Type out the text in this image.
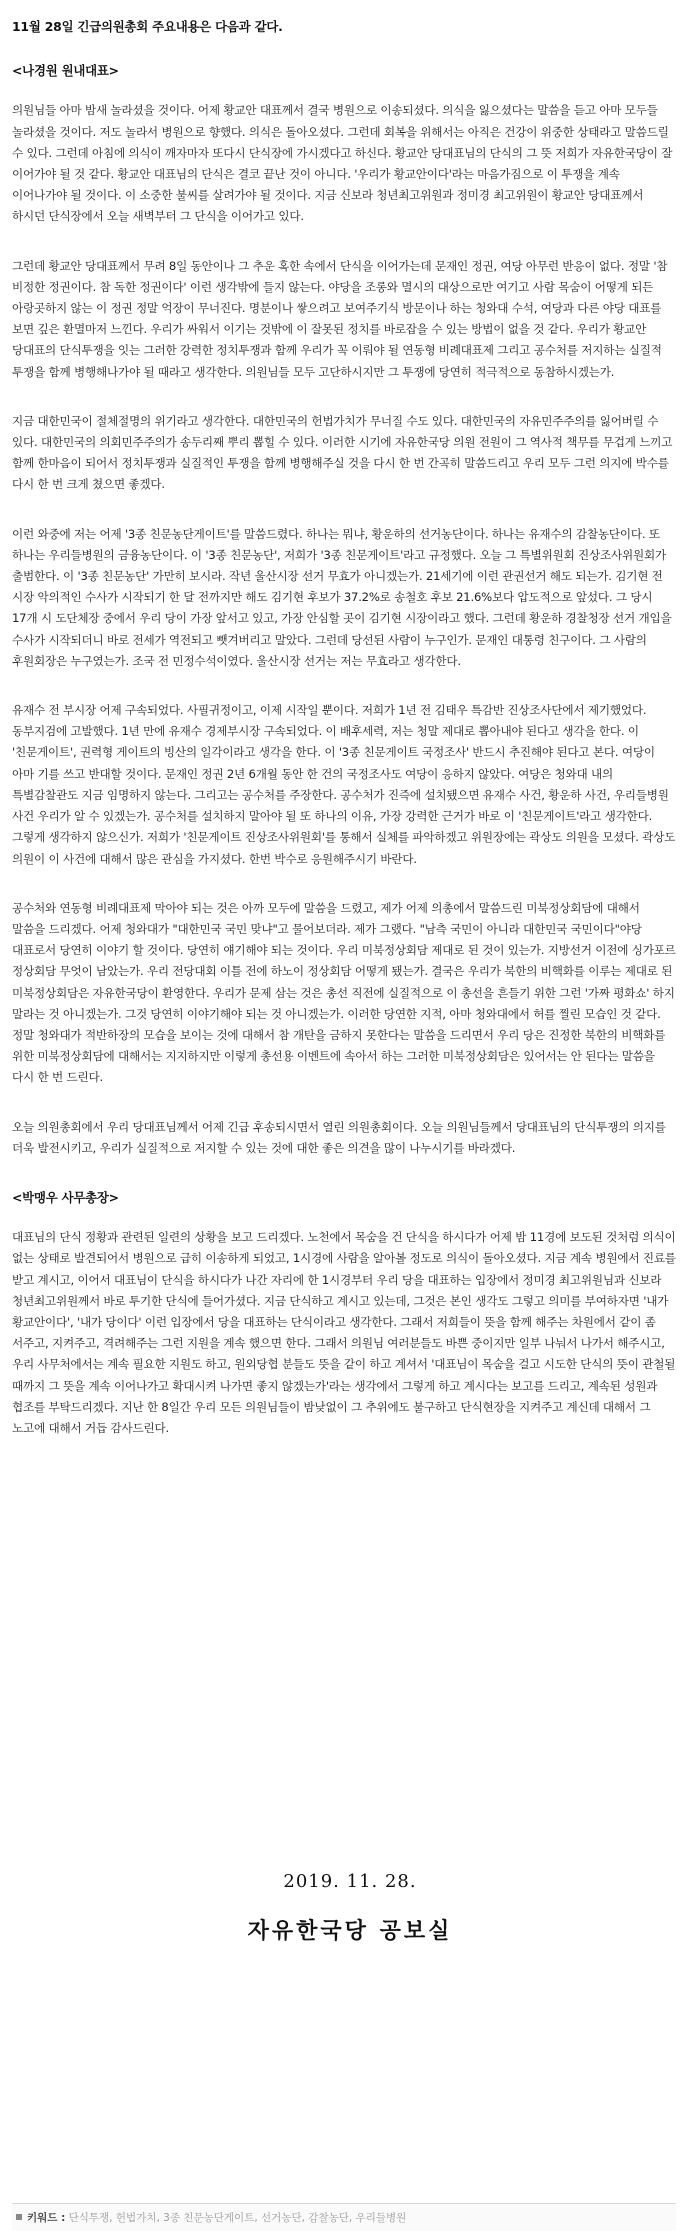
11월 28일 긴급의원총회 주요내용은 다음과 같다.

<나경원 원내대표>

의원님들 아마 밤새 놀라셨을 것이다. 어제 황교안 대표께서 결국 병원으로 이송되셨다. 의식을 잃으셨다는 말씀을 듣고 아마 모두들 놀라셨을 것이다. 저도 놀라서 병원으로 향했다. 의식은 돌아오셨다. 그런데 회복을 위해서는 아직은 건강이 위중한 상태라고 말씀드릴 수 있다. 그런데 아침에 의식이 깨자마자 또다시 단식장에 가시겠다고 하신다. 황교안 당대표님의 단식의 그 뜻 저희가 자유한국당이 잘 이어가야 될 것 같다. 황교안 대표님의 단식은 결코 끝난 것이 아니다. '우리가 황교안이다'라는 마음가짐으로 이 투쟁을 계속 이어나가야 될 것이다. 이 소중한 불씨를 살려가야 될 것이다. 지금 신보라 청년최고위원과 정미경 최고위원이 황교안 당대표께서 하시던 단식장에서 오늘 새벽부터 그 단식을 이어가고 있다.

그런데 황교안 당대표께서 무려 8일 동안이나 그 추운 혹한 속에서 단식을 이어가는데 문재인 정권, 여당 아무런 반응이 없다. 정말 '참 비정한 정권이다. 참 독한 정권이다' 이런 생각밖에 들지 않는다. 야당을 조롱와 멸시의 대상으로만 여기고 사람 목숨이 어떻게 되든 아랑곳하지 않는 이 정권 정말 억장이 무너진다. 명분이나 쌓으려고 보여주기식 방문이나 하는 청와대 수석, 여당과 다른 야당 대표를 보면 깊은 환멸마저 느낀다. 우리가 싸워서 이기는 것밖에 이 잘못된 정치를 바로잡을 수 있는 방법이 없을 것 같다. 우리가 황교안 당대표의 단식투쟁을 잇는 그러한 강력한 정치투쟁과 함께 우리가 꼭 이뤄야 될 연동형 비례대표제 그리고 공수처를 저지하는 실질적 투쟁을 함께 병행해나가야 될 때라고 생각한다. 의원님들 모두 고단하시지만 그 투쟁에 당연히 적극적으로 동참하시겠는가.

지금 대한민국이 절체절명의 위기라고 생각한다. 대한민국의 헌법가치가 무너질 수도 있다. 대한민국의 자유민주주의를 잃어버릴 수 있다. 대한민국의 의회민주주의가 송두리째 뿌리 뽑힐 수 있다. 이러한 시기에 자유한국당 의원 전원이 그 역사적 책무를 무겁게 느끼고 함께 한마음이 되어서 정치투쟁과 실질적인 투쟁을 함께 병행해주실 것을 다시 한 번 간곡히 말씀드리고 우리 모두 그런 의지에 박수를 다시 한 번 크게 쳤으면 좋겠다.

이런 와중에 저는 어제 '3종 친문농단게이트'를 말씀드렸다. 하나는 뭐냐, 황운하의 선거농단이다. 하나는 유재수의 감찰농단이다. 또 하나는 우리들병원의 금융농단이다. 이 '3종 친문농단', 저희가 '3종 친문게이트'라고 규정했다. 오늘 그 특별위원회 진상조사위원회가 출범한다. 이 '3종 친문농단' 가만히 보시라. 작년 울산시장 선거 무효가 아니겠는가. 21세기에 이런 관권선거 해도 되는가. 김기현 전 시장 악의적인 수사가 시작되기 한 달 전까지만 해도 김기현 후보가 37.2%로 송철호 후보 21.6%보다 압도적으로 앞섰다. 그 당시 17개 시 도단체장 중에서 우리 당이 가장 앞서고 있고, 가장 안심할 곳이 김기현 시장이라고 했다. 그런데 황운하 경찰청장 선거 개입을 수사가 시작되더니 바로 전세가 역전되고 뺏겨버리고 말았다. 그런데 당선된 사람이 누구인가. 문재인 대통령 친구이다. 그 사람의 후원회장은 누구였는가. 조국 전 민정수석이였다. 울산시장 선거는 저는 무효라고 생각한다.

유재수 전 부시장 어제 구속되었다. 사필귀정이고, 이제 시작일 뿐이다. 저희가 1년 전 김태우 특감반 진상조사단에서 제기했었다. 동부지검에 고발했다. 1년 만에 유재수 경제부시장 구속되었다. 이 배후세력, 저는 청말 제대로 뽑아내야 된다고 생각을 한다. 이 '친문게이트', 권력형 게이트의 빙산의 일각이라고 생각을 한다. 이 '3종 친문게이트 국정조사' 반드시 추진해야 된다고 본다. 여당이 아마 기를 쓰고 반대할 것이다. 문재인 정권 2년 6개월 동안 한 건의 국정조사도 여당이 응하지 않았다. 여당은 청와대 내의 특별감찰관도 지금 임명하지 않는다. 그리고는 공수처를 주장한다. 공수처가 진즉에 설치됐으면 유재수 사건, 황운하 사건, 우리들병원 사건 우리가 알 수 있겠는가. 공수처를 설치하지 말아야 될 또 하나의 이유, 가장 강력한 근거가 바로 이 '친문게이트'라고 생각한다. 그렇게 생각하지 않으신가. 저희가 '친문게이트 진상조사위원회'를 통해서 실체를 파악하겠고 위원장에는 곽상도 의원을 모셨다. 곽상도 의원이 이 사건에 대해서 많은 관심을 가지셨다. 한번 박수로 응원해주시기 바란다.

공수처와 연동형 비례대표제 막아야 되는 것은 아까 모두에 말씀을 드렸고, 제가 어제 의총에서 말씀드린 미북정상회담에 대해서 말씀을 드리겠다. 어제 청와대가 "대한민국 국민 맞냐"고 물어보더라. 제가 그랬다. "남측 국민이 아니라 대한민국 국민이다"야당 대표로서 당연히 이야기 할 것이다. 당연히 얘기해야 되는 것이다. 우리 미북정상회담 제대로 된 것이 있는가. 지방선거 이전에 싱가포르 정상회담 무엇이 남았는가. 우리 전당대회 이틀 전에 하노이 정상회담 어떻게 됐는가. 결국은 우리가 북한의 비핵화를 이루는 제대로 된 미북정상회담은 자유한국당이 환영한다. 우리가 문제 삼는 것은 총선 직전에 실질적으로 이 총선을 흔들기 위한 그런 '가짜 평화쇼' 하지 말라는 것 아니겠는가. 그것 당연히 이야기해야 되는 것 아니겠는가. 이러한 당연한 지적, 아마 청와대에서 허를 찔린 모습인 것 같다. 정말 청와대가 적반하장의 모습을 보이는 것에 대해서 참 개탄을 금하지 못한다는 말씀을 드리면서 우리 당은 진정한 북한의 비핵화를 위한 미북정상회담에 대해서는 지지하지만 이렇게 총선용 이벤트에 속아서 하는 그러한 미북정상회담은 있어서는 안 된다는 말씀을 다시 한 번 드린다.

오늘 의원총회에서 우리 당대표님께서 어제 긴급 후송되시면서 열린 의원총회이다. 오늘 의원님들께서 당대표님의 단식투쟁의 의지를 더욱 발전시키고, 우리가 실질적으로 저지할 수 있는 것에 대한 좋은 의견을 많이 나누시기를 바라겠다.

<박맹우 사무총장>

대표님의 단식 정황과 관련된 일련의 상황을 보고 드리겠다. 노천에서 목숨을 건 단식을 하시다가 어제 밤 11경에 보도된 것처럼 의식이 없는 상태로 발견되어서 병원으로 급히 이송하게 되었고, 1시경에 사람을 알아볼 정도로 의식이 돌아오셨다. 지금 계속 병원에서 진료를 받고 계시고, 이어서 대표님이 단식을 하시다가 나간 자리에 한 1시경부터 우리 당을 대표하는 입장에서 정미경 최고위원님과 신보라 청년최고위원께서 바로 투기한 단식에 들어가셨다. 지금 단식하고 계시고 있는데, 그것은 본인 생각도 그렇고 의미를 부여하자면 '내가 황교안이다', '내가 당이다' 이런 입장에서 당을 대표하는 단식이라고 생각한다. 그래서 저희들이 뜻을 함께 해주는 차원에서 같이 좀 서주고, 지켜주고, 격려해주는 그런 지원을 계속 했으면 한다. 그래서 의원님 여러분들도 바쁜 중이지만 일부 나눠서 나가서 해주시고, 우리 사무처에서는 계속 필요한 지원도 하고, 원외당협 분들도 뜻을 같이 하고 계셔서 '대표님이 목숨을 걸고 시도한 단식의 뜻이 관철될 때까지 그 뜻을 계속 이어나가고 확대시켜 나가면 좋지 않겠는가'라는 생각에서 그렇게 하고 계시다는 보고를 드리고, 계속된 성원과 협조를 부탁드리겠다. 지난 한 8일간 우리 모든 의원님들이 밤낮없이 그 추위에도 불구하고 단식현장을 지켜주고 계신데 대해서 그 노고에 대해서 거듭 감사드린다.

2019. 11. 28.

자유한국당 공보실

키워드 : 단식투쟁, 헌법가치, 3종 친문농단게이트, 선거농단, 감찰농단, 우리들병원
